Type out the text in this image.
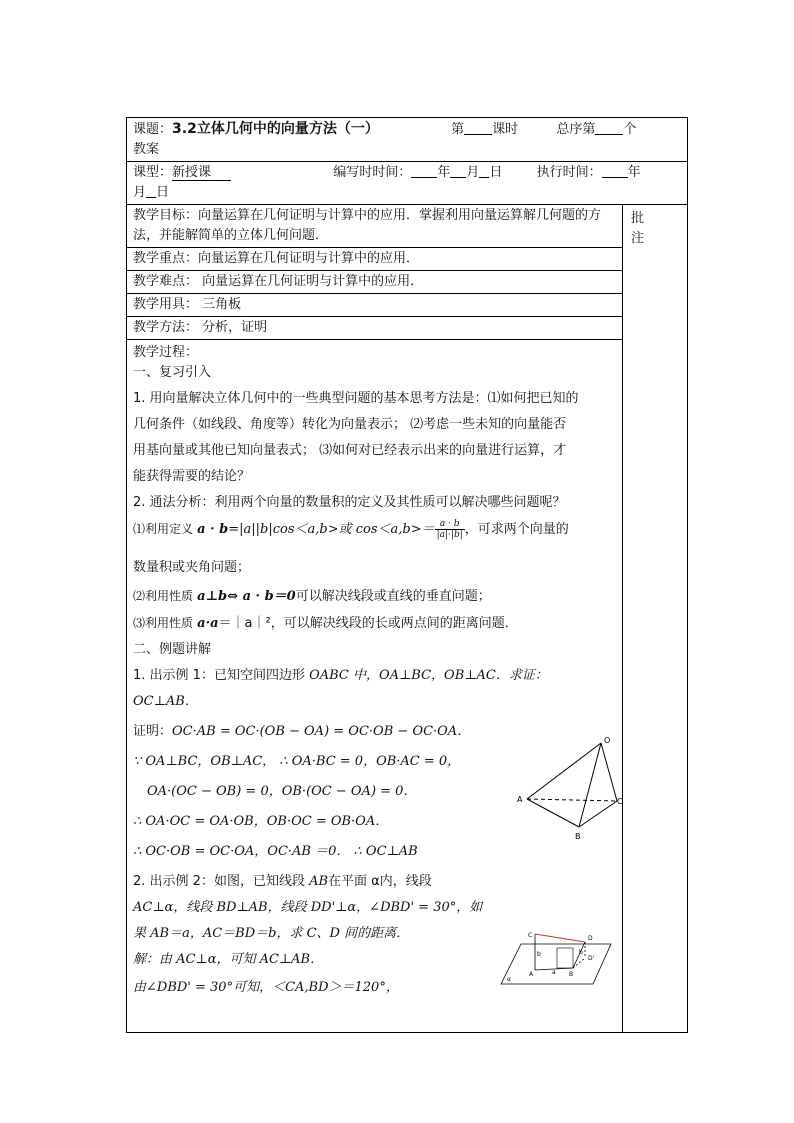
课题：3.2立体几何中的向量方法（一）	第 课时	总序第 个
教案

课型：新授课	编写时时间： 年 月 日	执行时间： 年
月 日

教学目标：向量运算在几何证明与计算中的应用．掌握利用向量运算解几何题的方法，并能解简单的立体几何问题．	
批注

教学重点：向量运算在几何证明与计算中的应用．
教学难点： 向量运算在几何证明与计算中的应用．
教学用具： 三角板
教学方法： 分析，证明

教学过程：

一、复习引入

1. 用向量解决立体几何中的一些典型问题的基本思考方法是：⑴如何把已知的

几何条件（如线段、角度等）转化为向量表示； ⑵考虑一些未知的向量能否

用基向量或其他已知向量表式； ⑶如何对已经表示出来的向量进行运算，才

能获得需要的结论？

2. 通法分析：利用两个向量的数量积的定义及其性质可以解决哪些问题呢？

⑴利用定义 a · b=|a||b|cos＜a,b>或 $\cos<a,b>= \frac{a \cdot b}{|a|\cdot|b|}$ ，可求两个向量的

数量积或夹角问题；

⑵利用性质 a⊥b⇔ a · b＝0可以解决线段或直线的垂直问题；

⑶利用性质 a·a＝｜a｜²，可以解决线段的长或两点间的距离问题．

二、例题讲解

1. 出示例 1：已知空间四边形 OABC 中，OA⊥BC，OB⊥AC．求证：

OC⊥AB．

证明：OC·AB = OC·(OB − OA) = OC·OB − OC·OA．

∵ OA⊥BC，OB⊥AC， ∴ OA·BC = 0，OB·AC = 0，

OA·(OC − OB) = 0，OB·(OC − OA) = 0．

∴ OA·OC = OA·OB，OB·OC = OB·OA．

∴ OC·OB = OC·OA，OC·AB ＝0． ∴ OC⊥AB

2. 出示例 2：如图，已知线段 AB在平面 α内，线段

AC⊥α，线段 BD⊥AB，线段 DD'⊥α，∠DBD' = 30°，如

果 AB＝a，AC＝BD＝b，求 C、D 间的距离．

解：由 AC⊥α，可知 AC⊥AB．

由∠DBD' = 30°可知，＜CA,BD＞＝120°，

O
A
B
C
C	D
D'
A	B
b	b
a
α
